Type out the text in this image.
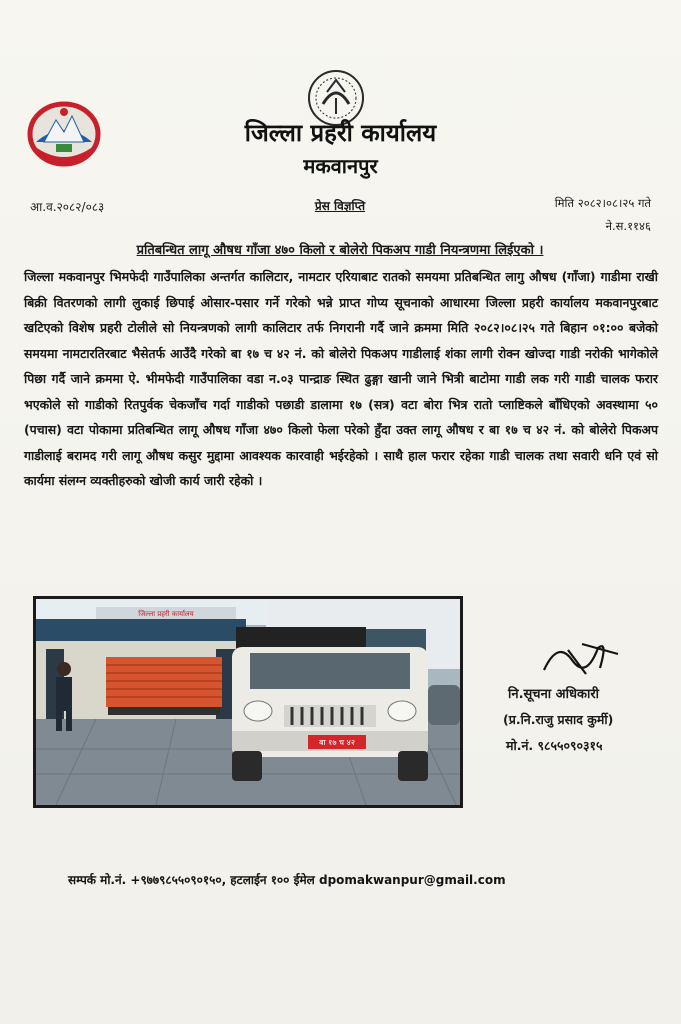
जिल्ला प्रहरी कार्यालय
मकवानपुर
आ.व.२०८२/०८३	प्रेस विज्ञप्ति	मिति २०८२।०८।२५ गते
ने.स.११४६
प्रतिबन्धित लागू औषध गाँजा ४७० किलो र बोलेरो पिकअप गाडी नियन्त्रणमा लिईएको ।
जिल्ला मकवानपुर भिमफेदी गाउँपालिका अन्तर्गत कालिटार, नामटार एरियाबाट रातको समयमा प्रतिबन्धित लागु औषध (गाँजा) गाडीमा राखी बिक्री वितरणको लागी लुकाई छिपाई ओसार-पसार गर्ने गरेको भन्ने प्राप्त गोप्य सूचनाको आधारमा जिल्ला प्रहरी कार्यालय मकवानपुरबाट खटिएको विशेष प्रहरी टोलीले सो नियन्त्रणको लागी कालिटार तर्फ निगरानी गर्दै जाने क्रममा मिति २०८२।०८।२५ गते बिहान ०१:०० बजेको समयमा नामटारतिरबाट भैसेतर्फ आउँदै गरेको बा १७ च ४२ नं. को बोलेरो पिकअप गाडीलाई शंका लागी रोक्न खोज्दा गाडी नरोकी भागेकोले पिछा गर्दै जाने क्रममा ऐ. भीमफेदी गाउँपालिका वडा न.०३ पान्द्राङ स्थित ढुङ्गा खानी जाने भित्री बाटोमा गाडी लक गरी गाडी चालक फरार भएकोले सो गाडीको रितपुर्वक चेकजाँच गर्दा गाडीको पछाडी डालामा १७ (सत्र) वटा बोरा भित्र रातो प्लाष्टिकले बाँधिएको अवस्थामा ५० (पचास) वटा पोकामा प्रतिबन्धित लागू औषध गाँजा ४७० किलो फेला परेको हुँदा उक्त लागू औषध र बा १७ च ४२ नं. को बोलेरो पिकअप गाडीलाई बरामद गरी लागू औषध कसुर मुद्दामा आवश्यक कारवाही भईरहेको । साथै हाल फरार रहेका गाडी चालक तथा सवारी धनि एवं सो कार्यमा संलग्न व्यक्तीहरुको खोजी कार्य जारी रहेको ।
जिल्ला प्रहरी कार्यालय
बा १७ च ४२
नि.सूचना अधिकारी
(प्र.नि.राजु प्रसाद कुर्मी)
मो.नं. ९८५५०९०३१५
सम्पर्क मो.नं. +९७७९८५५०९०१५०, हटलाईन १०० ईमेल dpomakwanpur@gmail.com
